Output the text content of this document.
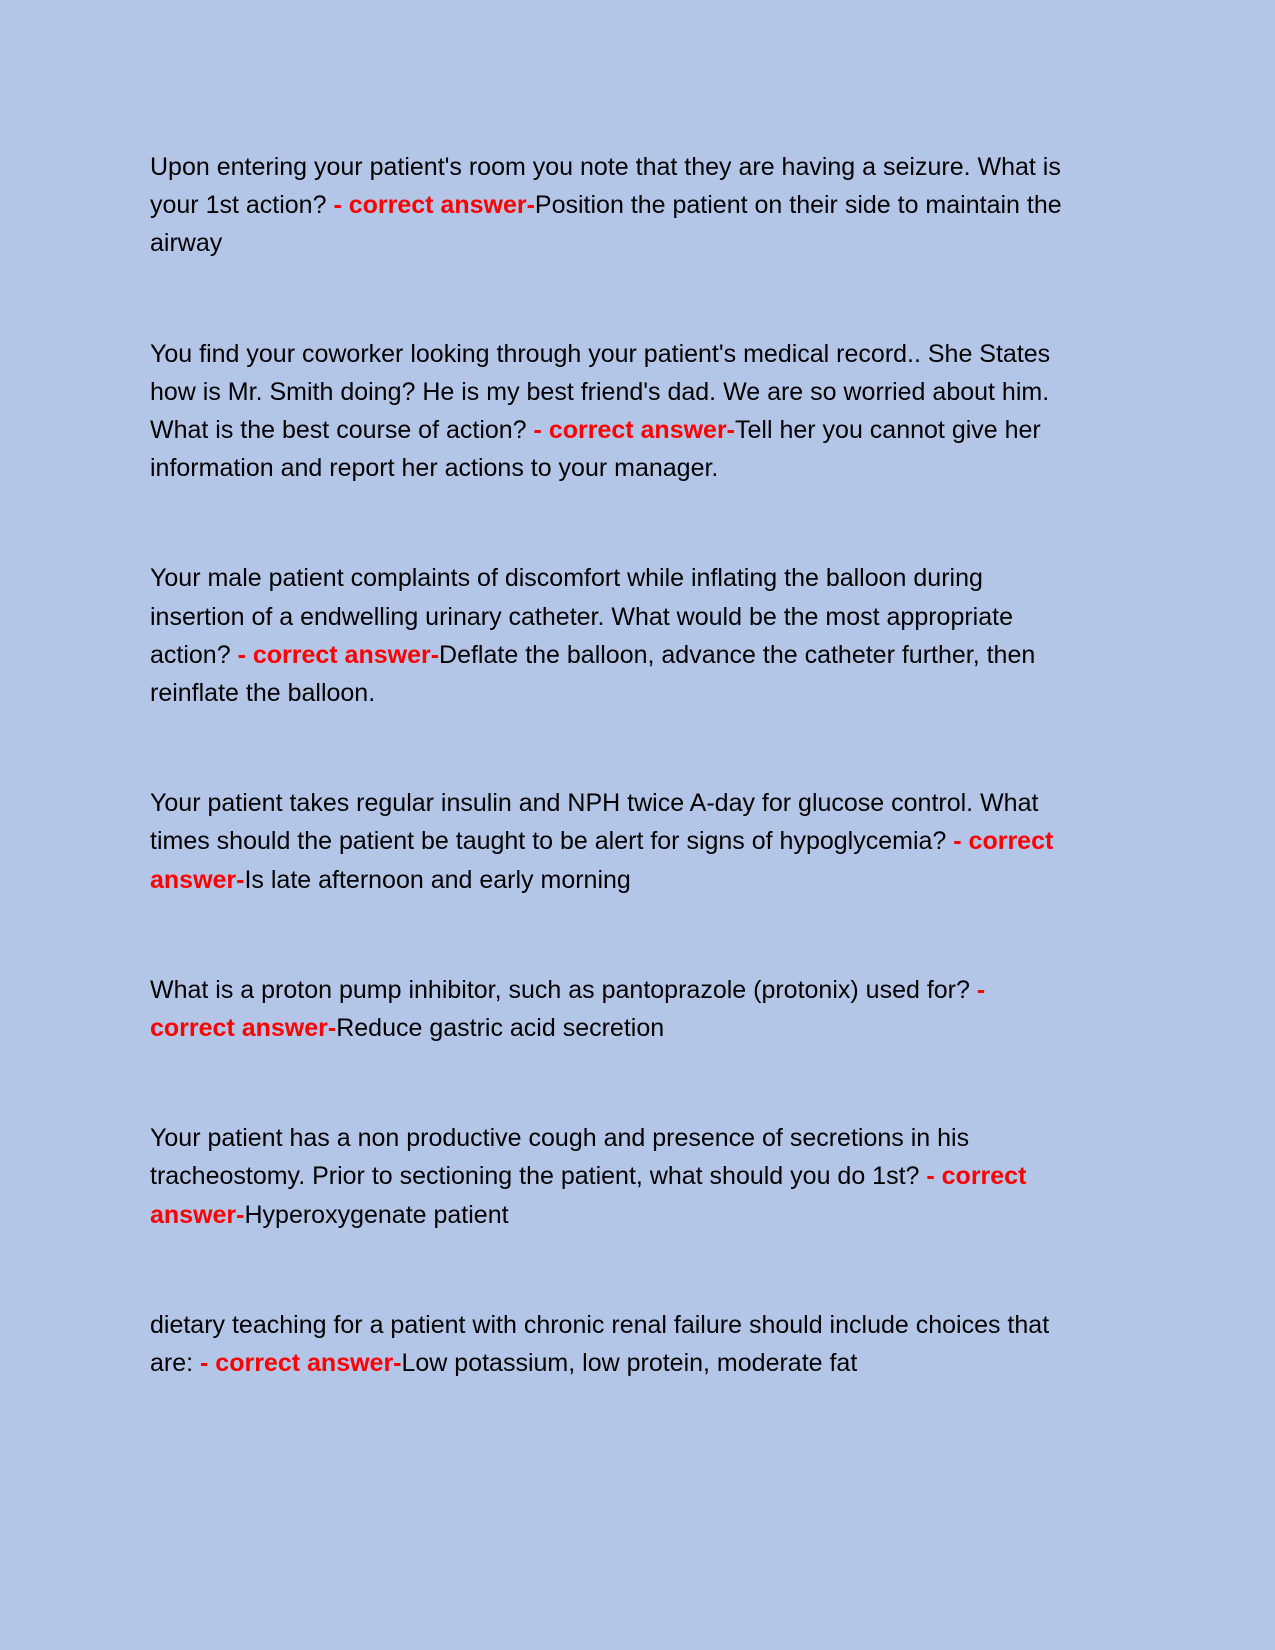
Upon entering your patient's room you note that they are having a seizure. What is your 1st action? - correct answer-Position the patient on their side to maintain the airway

You find your coworker looking through your patient's medical record.. She States how is Mr. Smith doing? He is my best friend's dad. We are so worried about him. What is the best course of action? - correct answer-Tell her you cannot give her information and report her actions to your manager.

Your male patient complaints of discomfort while inflating the balloon during insertion of a endwelling urinary catheter. What would be the most appropriate action? - correct answer-Deflate the balloon, advance the catheter further, then reinflate the balloon.

Your patient takes regular insulin and NPH twice A-day for glucose control. What times should the patient be taught to be alert for signs of hypoglycemia? - correct answer-Is late afternoon and early morning

What is a proton pump inhibitor, such as pantoprazole (protonix) used for? - correct answer-Reduce gastric acid secretion

Your patient has a non productive cough and presence of secretions in his tracheostomy. Prior to sectioning the patient, what should you do 1st? - correct answer-Hyperoxygenate patient

dietary teaching for a patient with chronic renal failure should include choices that are: - correct answer-Low potassium, low protein, moderate fat
